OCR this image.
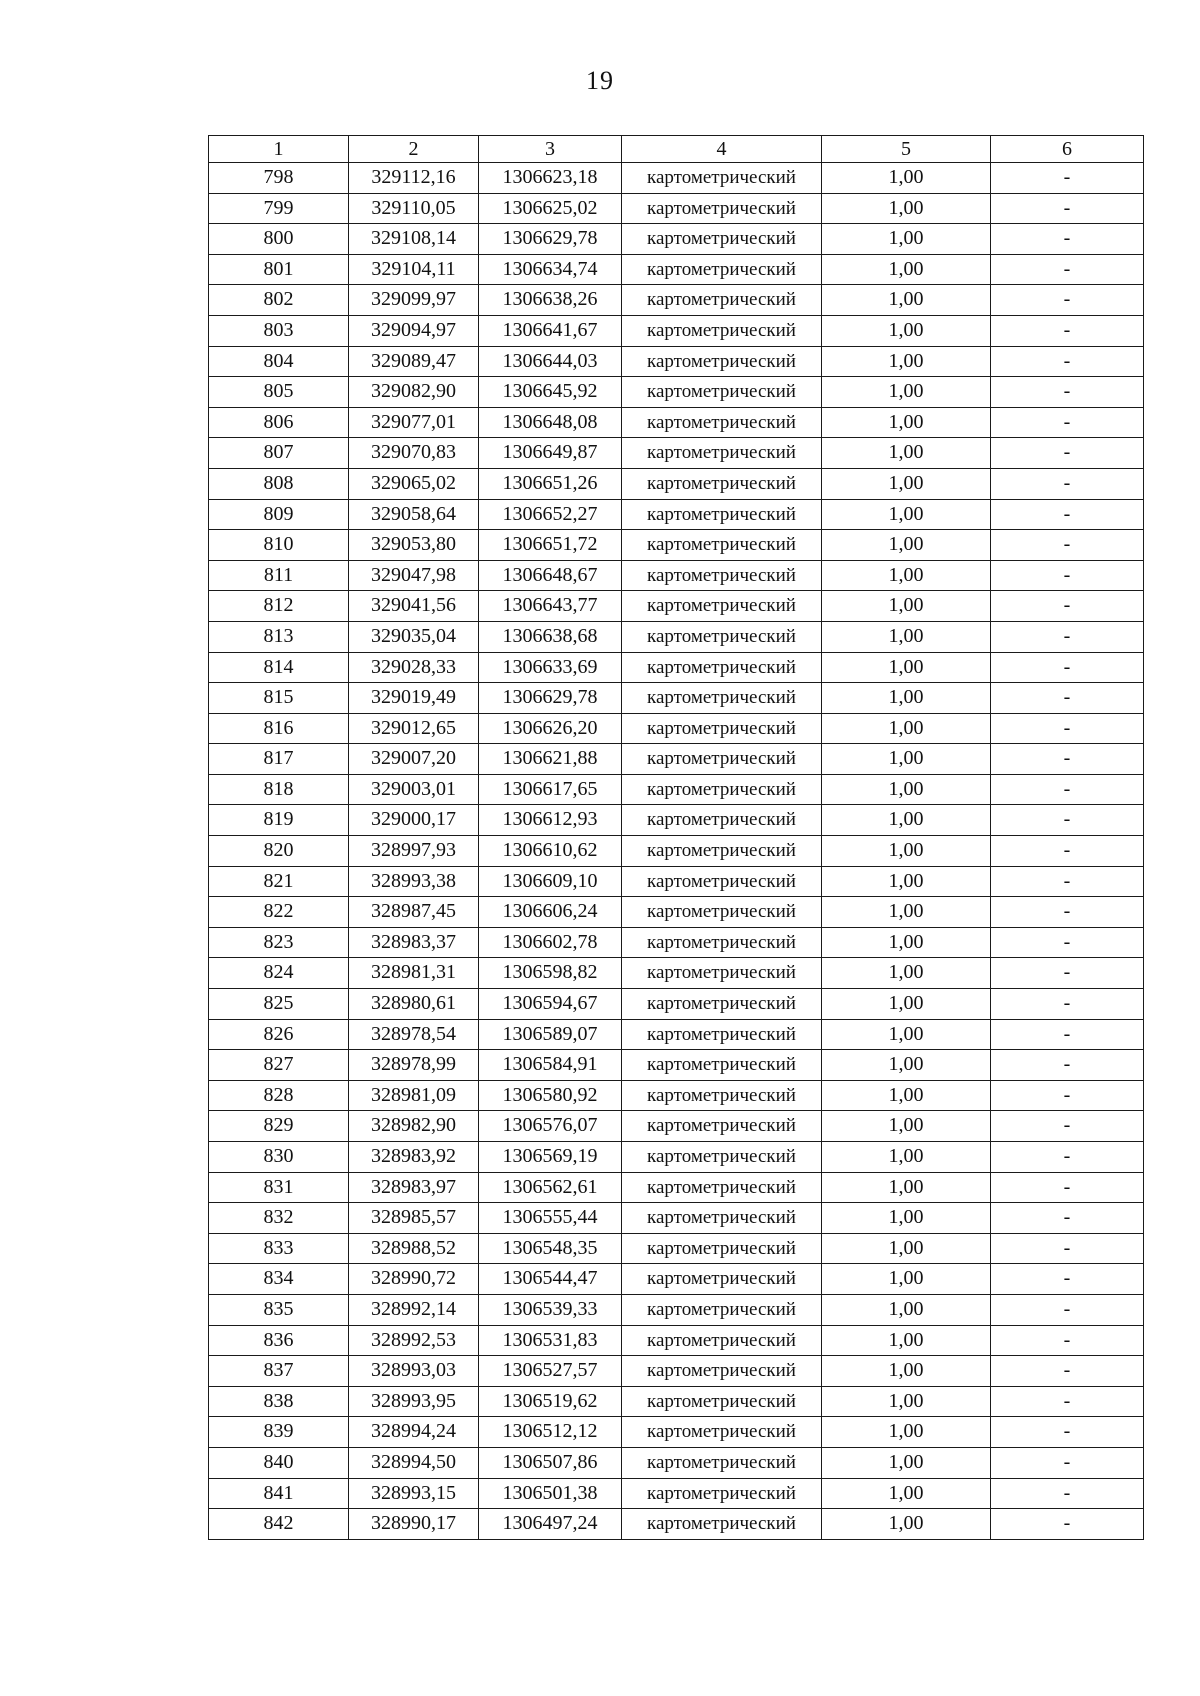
19
1	2	3	4	5	6
798	329112,16	1306623,18	картометрический	1,00	-
799	329110,05	1306625,02	картометрический	1,00	-
800	329108,14	1306629,78	картометрический	1,00	-
801	329104,11	1306634,74	картометрический	1,00	-
802	329099,97	1306638,26	картометрический	1,00	-
803	329094,97	1306641,67	картометрический	1,00	-
804	329089,47	1306644,03	картометрический	1,00	-
805	329082,90	1306645,92	картометрический	1,00	-
806	329077,01	1306648,08	картометрический	1,00	-
807	329070,83	1306649,87	картометрический	1,00	-
808	329065,02	1306651,26	картометрический	1,00	-
809	329058,64	1306652,27	картометрический	1,00	-
810	329053,80	1306651,72	картометрический	1,00	-
811	329047,98	1306648,67	картометрический	1,00	-
812	329041,56	1306643,77	картометрический	1,00	-
813	329035,04	1306638,68	картометрический	1,00	-
814	329028,33	1306633,69	картометрический	1,00	-
815	329019,49	1306629,78	картометрический	1,00	-
816	329012,65	1306626,20	картометрический	1,00	-
817	329007,20	1306621,88	картометрический	1,00	-
818	329003,01	1306617,65	картометрический	1,00	-
819	329000,17	1306612,93	картометрический	1,00	-
820	328997,93	1306610,62	картометрический	1,00	-
821	328993,38	1306609,10	картометрический	1,00	-
822	328987,45	1306606,24	картометрический	1,00	-
823	328983,37	1306602,78	картометрический	1,00	-
824	328981,31	1306598,82	картометрический	1,00	-
825	328980,61	1306594,67	картометрический	1,00	-
826	328978,54	1306589,07	картометрический	1,00	-
827	328978,99	1306584,91	картометрический	1,00	-
828	328981,09	1306580,92	картометрический	1,00	-
829	328982,90	1306576,07	картометрический	1,00	-
830	328983,92	1306569,19	картометрический	1,00	-
831	328983,97	1306562,61	картометрический	1,00	-
832	328985,57	1306555,44	картометрический	1,00	-
833	328988,52	1306548,35	картометрический	1,00	-
834	328990,72	1306544,47	картометрический	1,00	-
835	328992,14	1306539,33	картометрический	1,00	-
836	328992,53	1306531,83	картометрический	1,00	-
837	328993,03	1306527,57	картометрический	1,00	-
838	328993,95	1306519,62	картометрический	1,00	-
839	328994,24	1306512,12	картометрический	1,00	-
840	328994,50	1306507,86	картометрический	1,00	-
841	328993,15	1306501,38	картометрический	1,00	-
842	328990,17	1306497,24	картометрический	1,00	-
